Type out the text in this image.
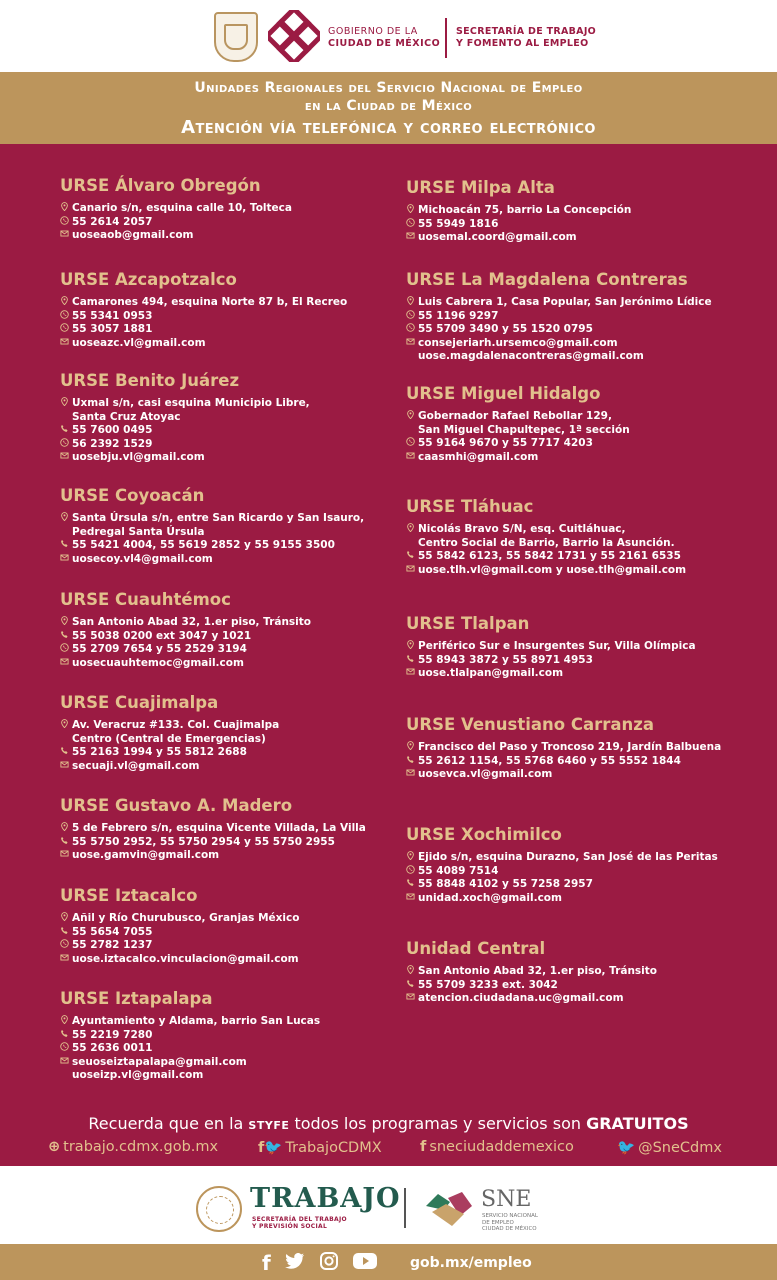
GOBIERNO DE LA
CIUDAD DE MÉXICO
SECRETARÍA DE TRABAJO
Y FOMENTO AL EMPLEO
Unidades Regionales del Servicio Nacional de Empleo
en la Ciudad de México
Atención vía telefónica y correo electrónico
URSE Álvaro Obregón
Canario s/n, esquina calle 10, Tolteca
55 2614 2057
uoseaob@gmail.com
URSE Azcapotzalco
Camarones 494, esquina Norte 87 b, El Recreo
55 5341 0953
55 3057 1881
uoseazc.vl@gmail.com
URSE Benito Juárez
Uxmal s/n, casi esquina Municipio Libre,
Santa Cruz Atoyac
55 7600 0495
56 2392 1529
uosebju.vl@gmail.com
URSE Coyoacán
Santa Úrsula s/n, entre San Ricardo y San Isauro,
Pedregal Santa Úrsula
55 5421 4004, 55 5619 2852 y 55 9155 3500
uosecoy.vl4@gmail.com
URSE Cuauhtémoc
San Antonio Abad 32, 1.er piso, Tránsito
55 5038 0200 ext 3047 y 1021
55 2709 7654 y 55 2529 3194
uosecuauhtemoc@gmail.com
URSE Cuajimalpa
Av. Veracruz #133. Col. Cuajimalpa
Centro (Central de Emergencias)
55 2163 1994 y 55 5812 2688
secuaji.vl@gmail.com
URSE Gustavo A. Madero
5 de Febrero s/n, esquina Vicente Villada, La Villa
55 5750 2952, 55 5750 2954 y 55 5750 2955
uose.gamvin@gmail.com
URSE Iztacalco
Añil y Río Churubusco, Granjas México
55 5654 7055
55 2782 1237
uose.iztacalco.vinculacion@gmail.com
URSE Iztapalapa
Ayuntamiento y Aldama, barrio San Lucas
55 2219 7280
55 2636 0011
seuoseiztapalapa@gmail.com
uoseizp.vl@gmail.com
URSE Milpa Alta
Michoacán 75, barrio La Concepción
55 5949 1816
uosemal.coord@gmail.com
URSE La Magdalena Contreras
Luis Cabrera 1, Casa Popular, San Jerónimo Lídice
55 1196 9297
55 5709 3490 y 55 1520 0795
consejeriarh.ursemco@gmail.com
uose.magdalenacontreras@gmail.com
URSE Miguel Hidalgo
Gobernador Rafael Rebollar 129,
San Miguel Chapultepec, 1ª sección
55 9164 9670 y 55 7717 4203
caasmhi@gmail.com
URSE Tláhuac
Nicolás Bravo S/N, esq. Cuitláhuac,
Centro Social de Barrio, Barrio la Asunción.
55 5842 6123, 55 5842 1731 y 55 2161 6535
uose.tlh.vl@gmail.com y uose.tlh@gmail.com
URSE Tlalpan
Periférico Sur e Insurgentes Sur, Villa Olímpica
55 8943 3872 y 55 8971 4953
uose.tlalpan@gmail.com
URSE Venustiano Carranza
Francisco del Paso y Troncoso 219, Jardín Balbuena
55 2612 1154, 55 5768 6460 y 55 5552 1844
uosevca.vl@gmail.com
URSE Xochimilco
Ejido s/n, esquina Durazno, San José de las Peritas
55 4089 7514
55 8848 4102 y 55 7258 2957
unidad.xoch@gmail.com
Unidad Central
San Antonio Abad 32, 1.er piso, Tránsito
55 5709 3233 ext. 3042
atencion.ciudadana.uc@gmail.com
Recuerda que en la styfe todos los programas y servicios son GRATUITOS
⊕ trabajo.cdmx.gob.mx	f🐦 TrabajoCDMX	f sneciudaddemexico	🐦 @SneCdmx
TRABAJO
SECRETARÍA DEL TRABAJO
Y PREVISIÓN SOCIAL
SNE
SERVICIO NACIONAL
DE EMPLEO
CIUDAD DE MÉXICO
f	gob.mx/empleo
